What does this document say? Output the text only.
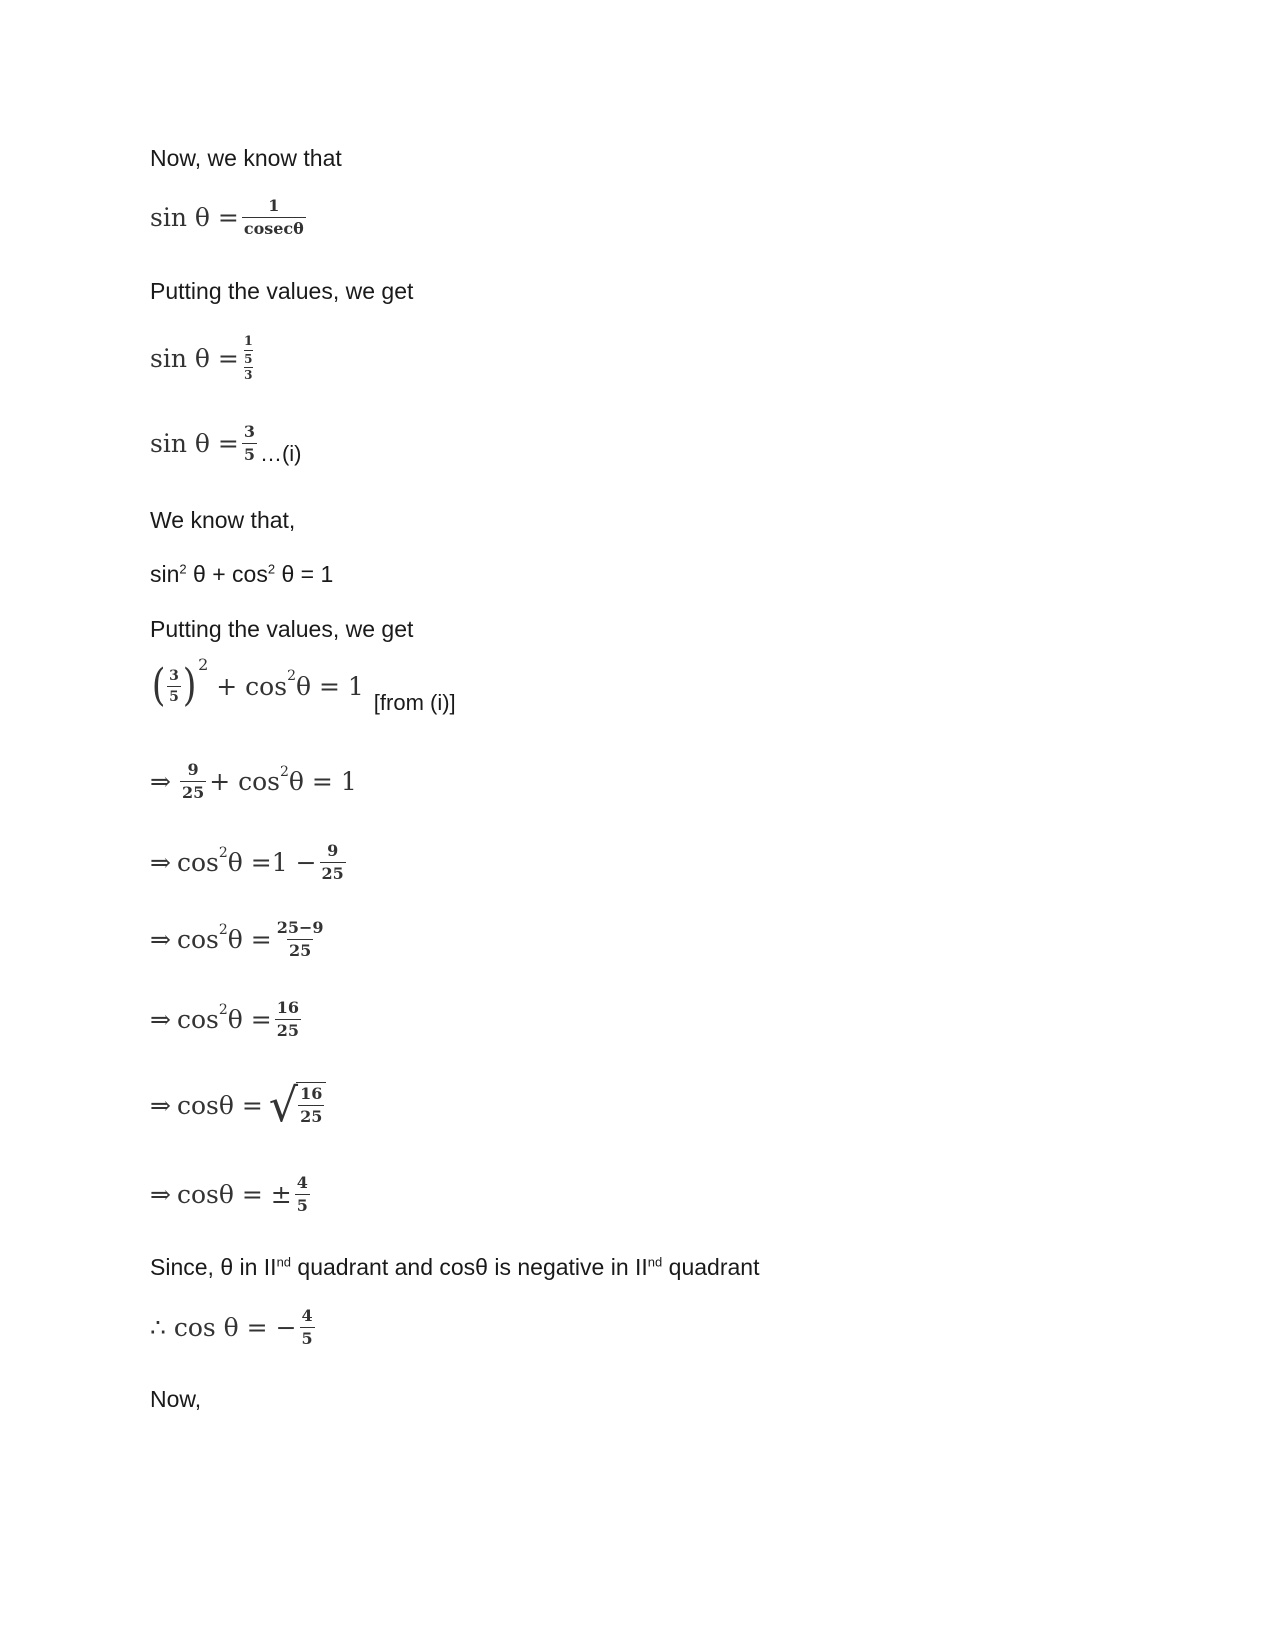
Now, we know that
$\sin \theta = \frac{1}{cosec\theta}$
Putting the values, we get
sin θ = 1
5
3
$\sin \theta = \frac{3}{5}$ …(i)
We know that,
$\sin^2 \theta + \cos^2 \theta = 1$
Putting the values, we get
( $\frac{3}{5} )^2$
+ $\cos^2 \theta = 1$
[from (i)]
⇒ $\frac{9}{25} + \cos^2 \theta = 1$
⇒ $\cos^2 \theta =1 - \frac{9}{25}$
⇒ $\cos^2 \theta = \frac{25-9}{25}$
⇒ $\cos^2 \theta = \frac{16}{25}$
⇒ cosθ = √ $\frac{16}{25}$
⇒ cosθ = ± $\frac{4}{5}$
Since, θ in IInd quadrant and cosθ is negative in IInd quadrant
∴ cos θ = − $\frac{4}{5}$
Now,
